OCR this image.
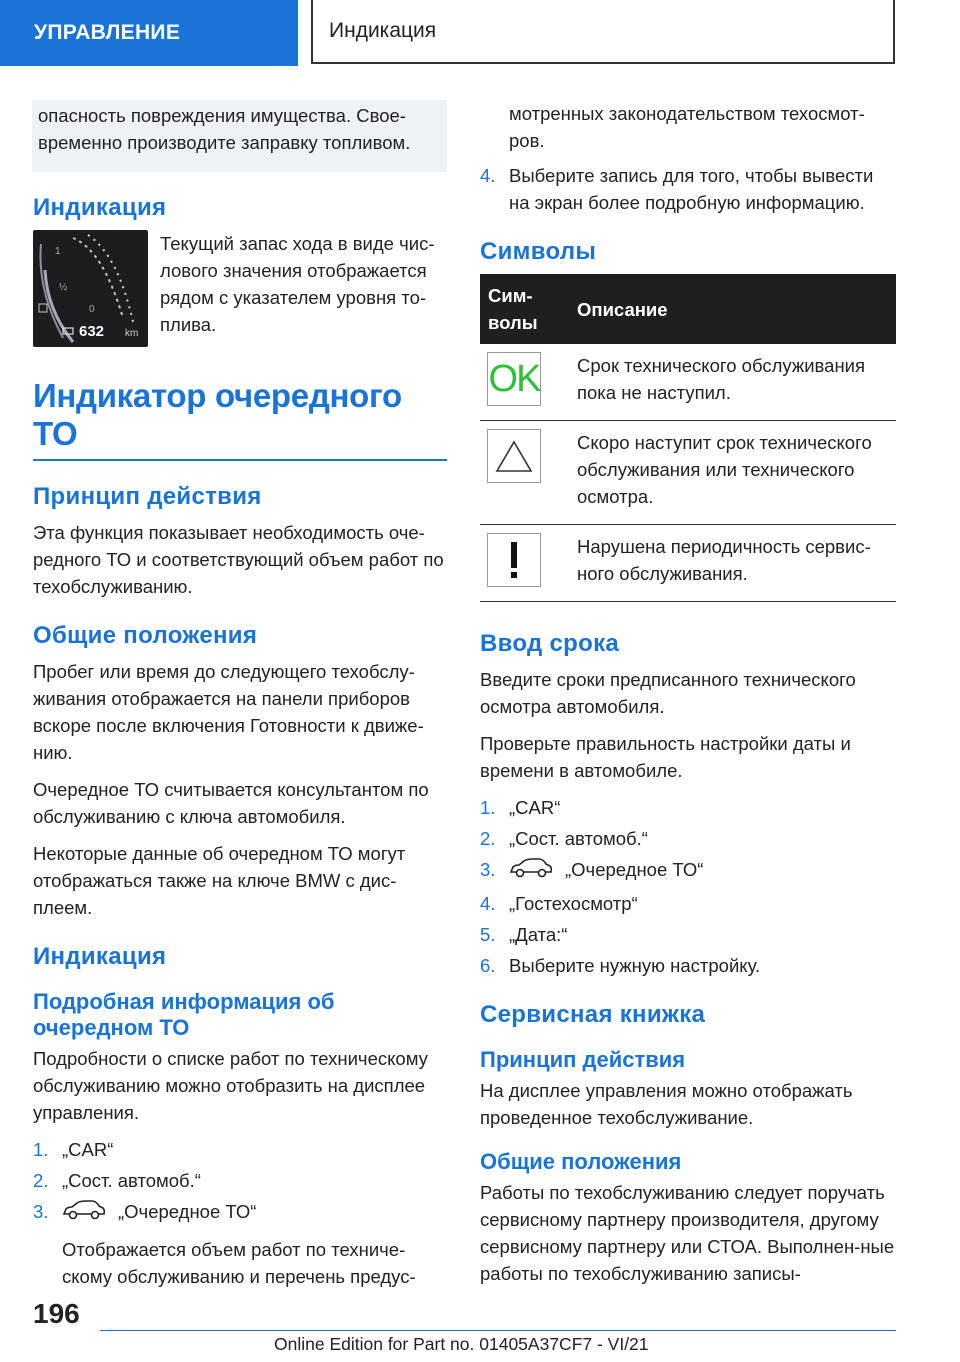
УПРАВЛЕНИЕ	Индикация

опасность повреждения имущества. Свое-временно производите заправку топливом.

Индикация
1
½
0
632 km

Текущий запас хода в виде чис-лового значения отображается рядом с указателем уровня то-плива.

Индикатор очередного ТО
Принцип действия

Эта функция показывает необходимость оче-редного ТО и соответствующий объем работ по техобслуживанию.

Общие положения

Пробег или время до следующего техобслу-живания отображается на панели приборов вскоре после включения Готовности к движе-нию.

Очередное ТО считывается консультантом по обслуживанию с ключа автомобиля.

Некоторые данные об очередном ТО могут отображаться также на ключе BMW с дис-плеем.

Индикация
Подробная информация об очередном ТО

Подробности о списке работ по техническому обслуживанию можно отобразить на дисплее управления.

1. „CAR“
2. „Сост. автомоб.“
3.	„Очередное ТО“
Отображается объем работ по техниче-скому обслуживанию и перечень предус-

мотренных законодательством техосмот-ров.

4. Выберите запись для того, чтобы вывести на экран более подробную информацию.
Символы
Сим-волы	Описание

OK	Срок технического обслуживания пока не наступил.

	Скоро наступит срок технического обслуживания или технического осмотра.

	Нарушена периодичность сервис-ного обслуживания.
Ввод срока

Введите сроки предписанного технического осмотра автомобиля.

Проверьте правильность настройки даты и времени в автомобиле.

1. „CAR“
2. „Сост. автомоб.“
3.	„Очередное ТО“
4. „Гостехосмотр“
5. „Дата:“
6. Выберите нужную настройку.
Сервисная книжка
Принцип действия

На дисплее управления можно отображать проведенное техобслуживание.

Общие положения

Работы по техобслуживанию следует поручать сервисному партнеру производителя, другому сервисному партнеру или СТОА. Выполнен-ные работы по техобслуживанию записы-

196
Online Edition for Part no. 01405A37CF7 - VI/21
